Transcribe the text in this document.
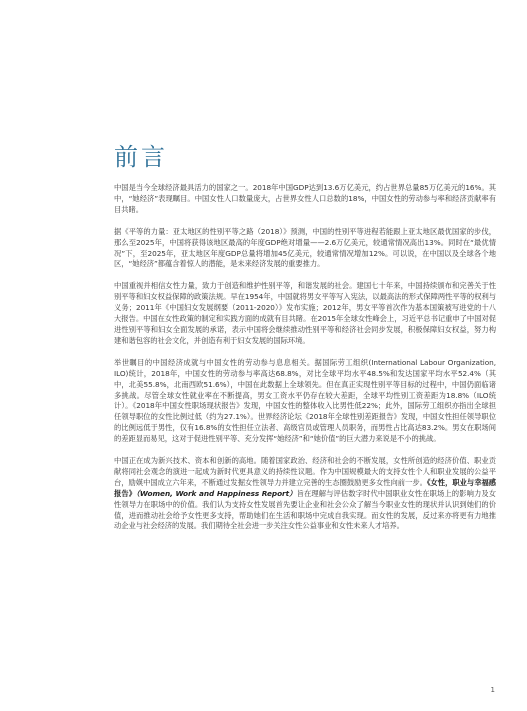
前言

中国是当今全球经济最具活力的国家之一。2018年中国GDP达到13.6万亿美元，约占世界总量85万亿美元的16%。其中，“她经济”表现瞩目。中国女性人口数量庞大，占世界女性人口总数的18%，中国女性的劳动参与率和经济贡献率有目共睹。

据《平等的力量：亚太地区的性别平等之路（2018）》预测，中国的性别平等进程若能跟上亚太地区最优国家的步伐，那么至2025年，中国将获得该地区最高的年度GDP绝对增量——2.6万亿美元，较通常情况高出13%。同时在“最优情况”下，至2025年，亚太地区年度GDP总量将增加45亿美元，较通常情况增加12%。可以说，在中国以及全球各个地区，“她经济”都蕴含着惊人的潜能，是未来经济发展的重要推力。

中国重视并相信女性力量，致力于创造和维护性别平等，和谐发展的社会。建国七十年来，中国持续颁布和完善关于性别平等和妇女权益保障的政策法规。早在1954年，中国就将男女平等写入宪法，以最高法的形式保障两性平等的权利与义务；2011年《中国妇女发展纲要（2011-2020）》发布实施；2012年，男女平等首次作为基本国策被写进党的十八大报告。中国在女性政策的制定和实践方面的成就有目共睹。在2015年全球女性峰会上，习近平总书记重申了中国对促进性别平等和妇女全面发展的承诺，表示中国将会继续推动性别平等和经济社会同步发展，积极保障妇女权益，努力构建和谐包容的社会文化，并创造有利于妇女发展的国际环境。

举世瞩目的中国经济成就与中国女性的劳动参与息息相关。据国际劳工组织(International Labour Organization, ILO)统计，2018年，中国女性的劳动参与率高达68.8%，对比全球平均水平48.5%和发达国家平均水平52.4%（其中，北美55.8%，北南西欧51.6%），中国在此数据上全球领先。但在真正实现性别平等目标的过程中，中国仍面临诸多挑战。尽管全球女性就业率在不断提高，男女工资水平仍存在较大差距，全球平均性别工资差距为18.8%（ILO统计）。《2018年中国女性职场现状报告》发现，中国女性的整体收入比男性低22%；此外，国际劳工组织亦指出全球担任领导职位的女性比例过低（约为27.1%）。世界经济论坛《2018年全球性别差距报告》发现，中国女性担任领导职位的比例远低于男性，仅有16.8%的女性担任立法者、高级官员或管理人员职务，而男性占比高达83.2%。男女在职场间的差距显而易见，这对于促进性别平等、充分发挥“她经济”和“她价值”的巨大潜力来说是不小的挑战。

中国正在成为新兴技术、资本和创新的高地。随着国家政治、经济和社会的不断发展，女性所创造的经济价值、职业贡献将同社会观念的演进一起成为新时代更具意义的持续性议题。作为中国规模最大的支持女性个人和职业发展的公益平台，励媖中国成立六年来，不断通过发掘女性领导力并建立完善的生态圈鼓励更多女性向前一步。《女性，职业与幸福感报告》（Women, Work and Happiness Report）旨在理解与评估数字时代中国职业女性在职场上的影响力及女性领导力在职场中的价值。我们认为支持女性发展首先要让企业和社会公众了解当今职业女性的现状并认识到她们的价值，进而推动社会给予女性更多支持，帮助她们在生活和职场中完成自我实现。而女性的发展，反过来亦将更有力地推动企业与社会经济的发展。我们期待全社会进一步关注女性公益事业和女性未来人才培养。

1
